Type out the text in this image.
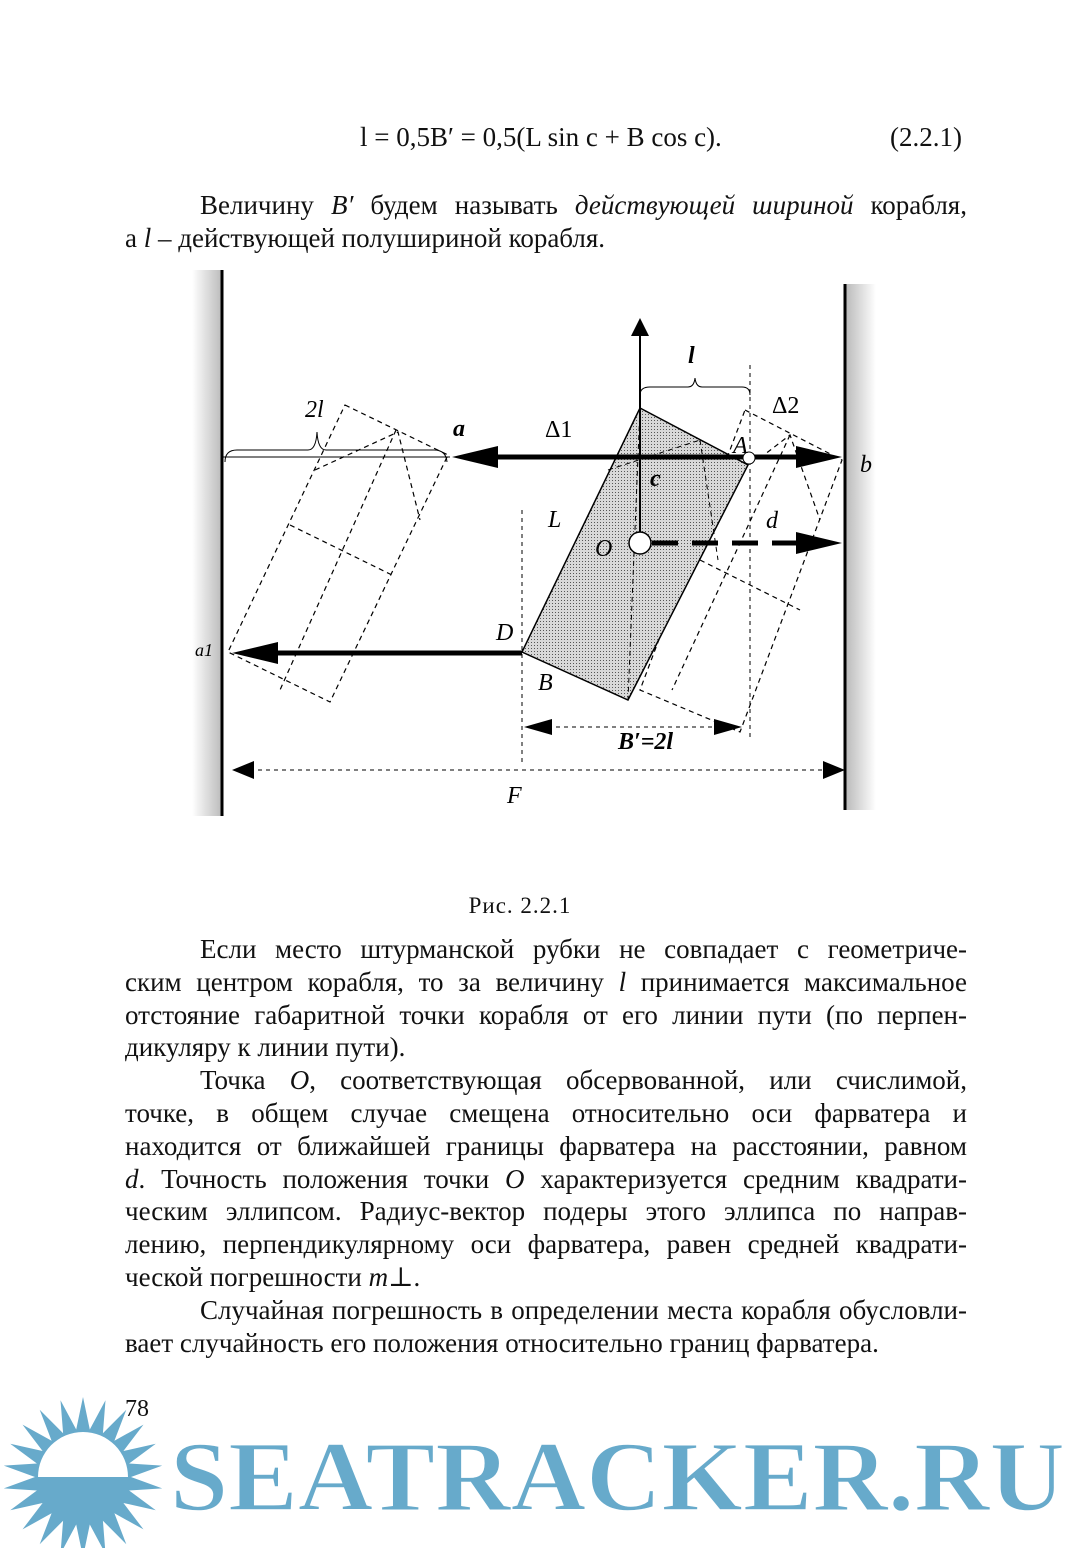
l = 0,5B′ = 0,5(L sin c + B cos c).	(2.2.1)
Величину B′ будем называть действующей шириной корабля,
а l – действующей полушириной корабля.
l
2l
a	Δ1
Δ2
A
b
c
L
O
d
D
a1
B
B′=2l
F
Рис. 2.2.1
Если место штурманской рубки не совпадает с геометриче-
ским центром корабля, то за величину l принимается максимальное
отстояние габаритной точки корабля от его линии пути (по перпен-
дикуляру к линии пути).
Точка O, соответствующая обсервованной, или счислимой,
точке, в общем случае смещена относительно оси фарватера и
находится от ближайшей границы фарватера на расстоянии, равном
d. Точность положения точки O характеризуется средним квадрати-
ческим эллипсом. Радиус-вектор подеры этого эллипса по направ-
лению, перпендикулярному оси фарватера, равен средней квадрати-
ческой погрешности m⊥.
Случайная погрешность в определении места корабля обусловли-
вает случайность его положения относительно границ фарватера.
SEATRACKER.RU
78
